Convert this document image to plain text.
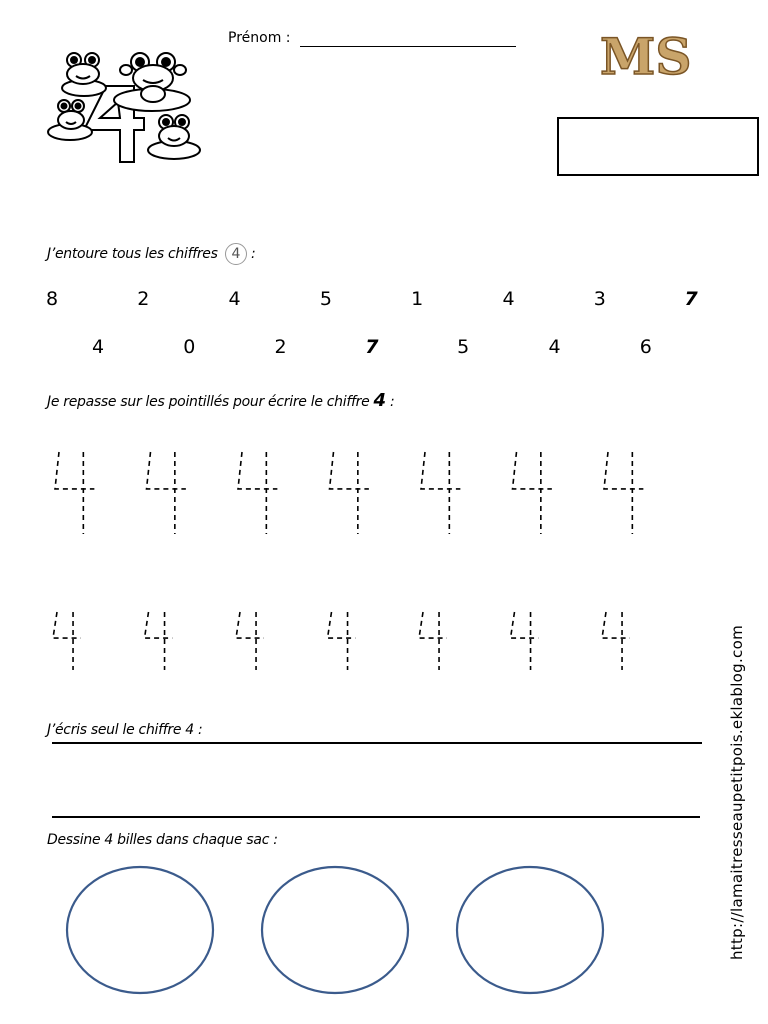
Prénom :	MS
J’entoure tous les chiffres 4 :
8	2	4	5	1	4	3	7
4	0	2	7	5	4	6
Je repasse sur les pointillés pour écrire le chiffre 4 :
J’écris seul le chiffre 4 :
Dessine 4 billes dans chaque sac :	http://lamaitresseaupetitpois.eklablog.com
